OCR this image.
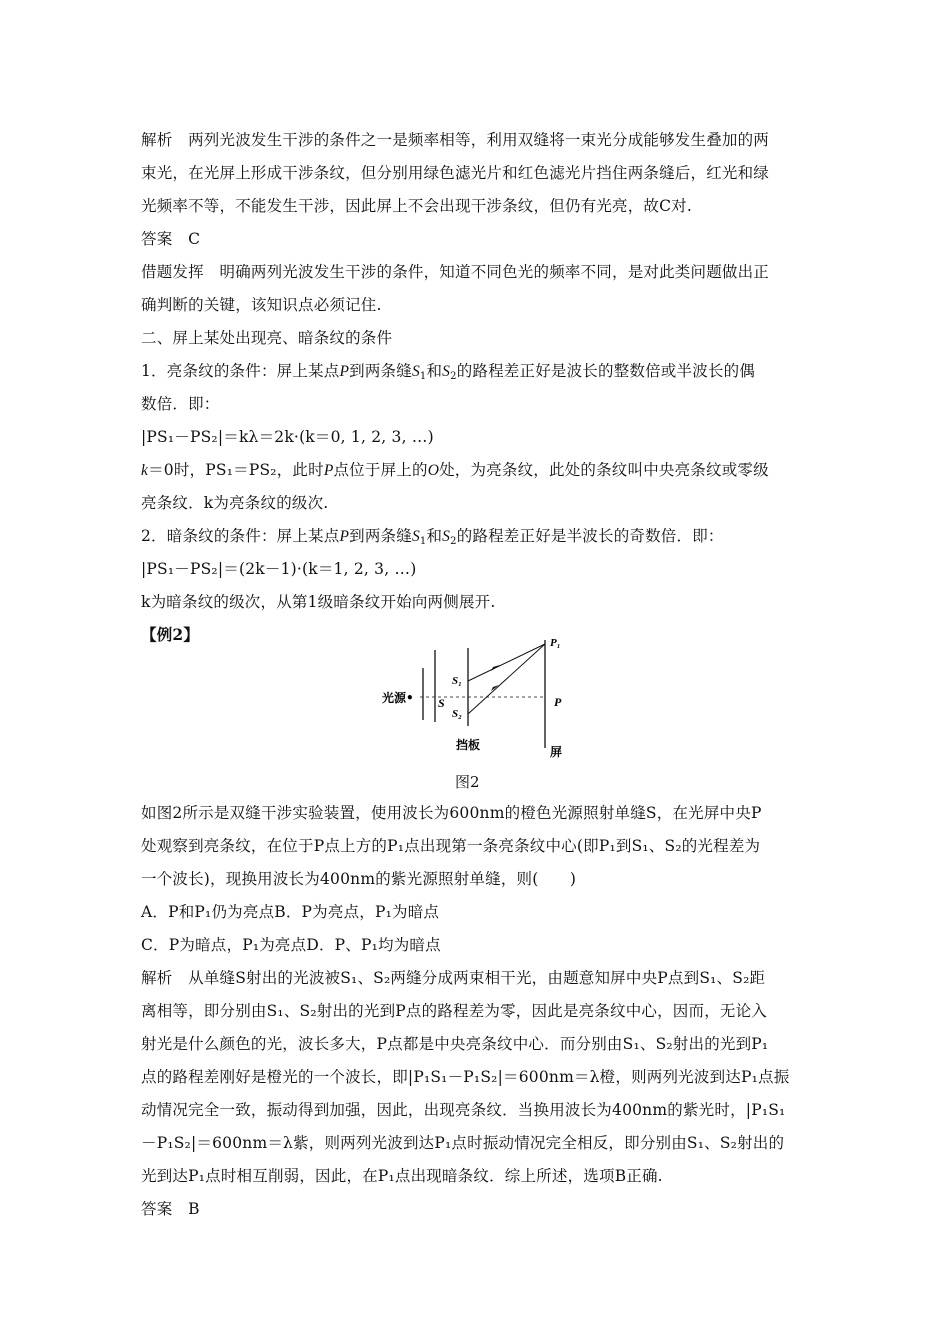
解析　两列光波发生干涉的条件之一是频率相等，利用双缝将一束光分成能够发生叠加的两
束光，在光屏上形成干涉条纹，但分别用绿色滤光片和红色滤光片挡住两条缝后，红光和绿
光频率不等，不能发生干涉，因此屏上不会出现干涉条纹，但仍有光亮，故C对.
答案　C
借题发挥　明确两列光波发生干涉的条件，知道不同色光的频率不同，是对此类问题做出正
确判断的关键，该知识点必须记住.
二、屏上某处出现亮、暗条纹的条件
1．亮条纹的条件：屏上某点P到两条缝$S_1$和$S_2$的路程差正好是波长的整数倍或半波长的偶
数倍．即：
|PS₁－PS₂|＝kλ＝2k·(k＝0, 1, 2, 3, …)
k＝0时，PS₁＝PS₂，此时P点位于屏上的O处，为亮条纹，此处的条纹叫中央亮条纹或零级
亮条纹．k为亮条纹的级次.
2．暗条纹的条件：屏上某点P到两条缝$S_1$和$S_2$的路程差正好是半波长的奇数倍．即：
|PS₁－PS₂|＝(2k－1)·(k＝1, 2, 3, …)
k为暗条纹的级次，从第1级暗条纹开始向两侧展开.
【例2】
光源• S
S₁
S₂
P₁
P
挡板	屏
图2
如图2所示是双缝干涉实验装置，使用波长为600nm的橙色光源照射单缝S，在光屏中央P
处观察到亮条纹，在位于P点上方的P₁点出现第一条亮条纹中心(即P₁到S₁、S₂的光程差为
一个波长)，现换用波长为400nm的紫光源照射单缝，则(　　)
A．P和P₁仍为亮点B．P为亮点，P₁为暗点
C．P为暗点，P₁为亮点D．P、P₁均为暗点
解析　从单缝S射出的光波被S₁、S₂两缝分成两束相干光，由题意知屏中央P点到S₁、S₂距
离相等，即分别由S₁、S₂射出的光到P点的路程差为零，因此是亮条纹中心，因而，无论入
射光是什么颜色的光，波长多大，P点都是中央亮条纹中心．而分别由S₁、S₂射出的光到P₁
点的路程差刚好是橙光的一个波长，即|P₁S₁－P₁S₂|＝600nm＝λ橙，则两列光波到达P₁点振
动情况完全一致，振动得到加强，因此，出现亮条纹．当换用波长为400nm的紫光时，|P₁S₁
－P₁S₂|＝600nm＝λ紫，则两列光波到达P₁点时振动情况完全相反，即分别由S₁、S₂射出的
光到达P₁点时相互削弱，因此，在P₁点出现暗条纹．综上所述，选项B正确.
答案　B
